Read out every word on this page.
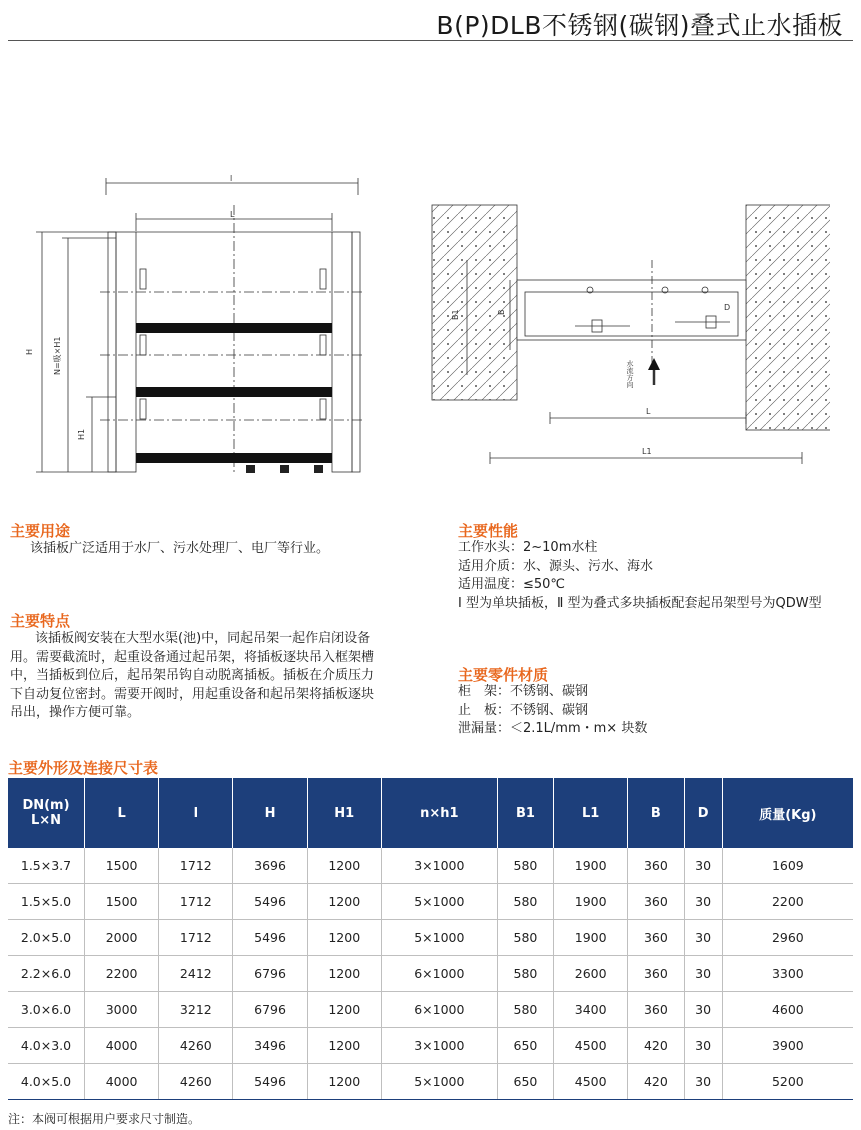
B(P)DLB不锈钢(碳钢)叠式止水插板
l
L
H N=吸×H1
H1
B1	B
D
L
L1
水流方向
主要用途
该插板广泛适用于水厂、污水处理厂、电厂等行业。
主要特点

该插板阀安装在大型水渠(池)中，同起吊架一起作启闭设备

用。需要截流时，起重设备通过起吊架，将插板逐块吊入框架槽

中，当插板到位后，起吊架吊钩自动脱离插板。插板在介质压力

下自动复位密封。需要开阀时，用起重设备和起吊架将插板逐块

吊出，操作方便可靠。

主要性能

工作水头：2~10m水柱

适用介质：水、源头、污水、海水

适用温度：≤50℃

Ⅰ 型为单块插板，Ⅱ 型为叠式多块插板配套起吊架型号为QDW型

主要零件材质

柜　架：不锈钢、碳钢

止　板：不锈钢、碳钢

泄漏量：＜2.1L/mm・m× 块数

主要外形及连接尺寸表
DN(m)
L×N	L	l	H	H1	n×h1	B1	L1	B	D	质量(Kg)
1.5×3.7	1500	1712	3696	1200	3×1000	580	1900	360	30	1609
1.5×5.0	1500	1712	5496	1200	5×1000	580	1900	360	30	2200
2.0×5.0	2000	1712	5496	1200	5×1000	580	1900	360	30	2960
2.2×6.0	2200	2412	6796	1200	6×1000	580	2600	360	30	3300
3.0×6.0	3000	3212	6796	1200	6×1000	580	3400	360	30	4600
4.0×3.0	4000	4260	3496	1200	3×1000	650	4500	420	30	3900
4.0×5.0	4000	4260	5496	1200	5×1000	650	4500	420	30	5200
注：本阀可根据用户要求尺寸制造。
